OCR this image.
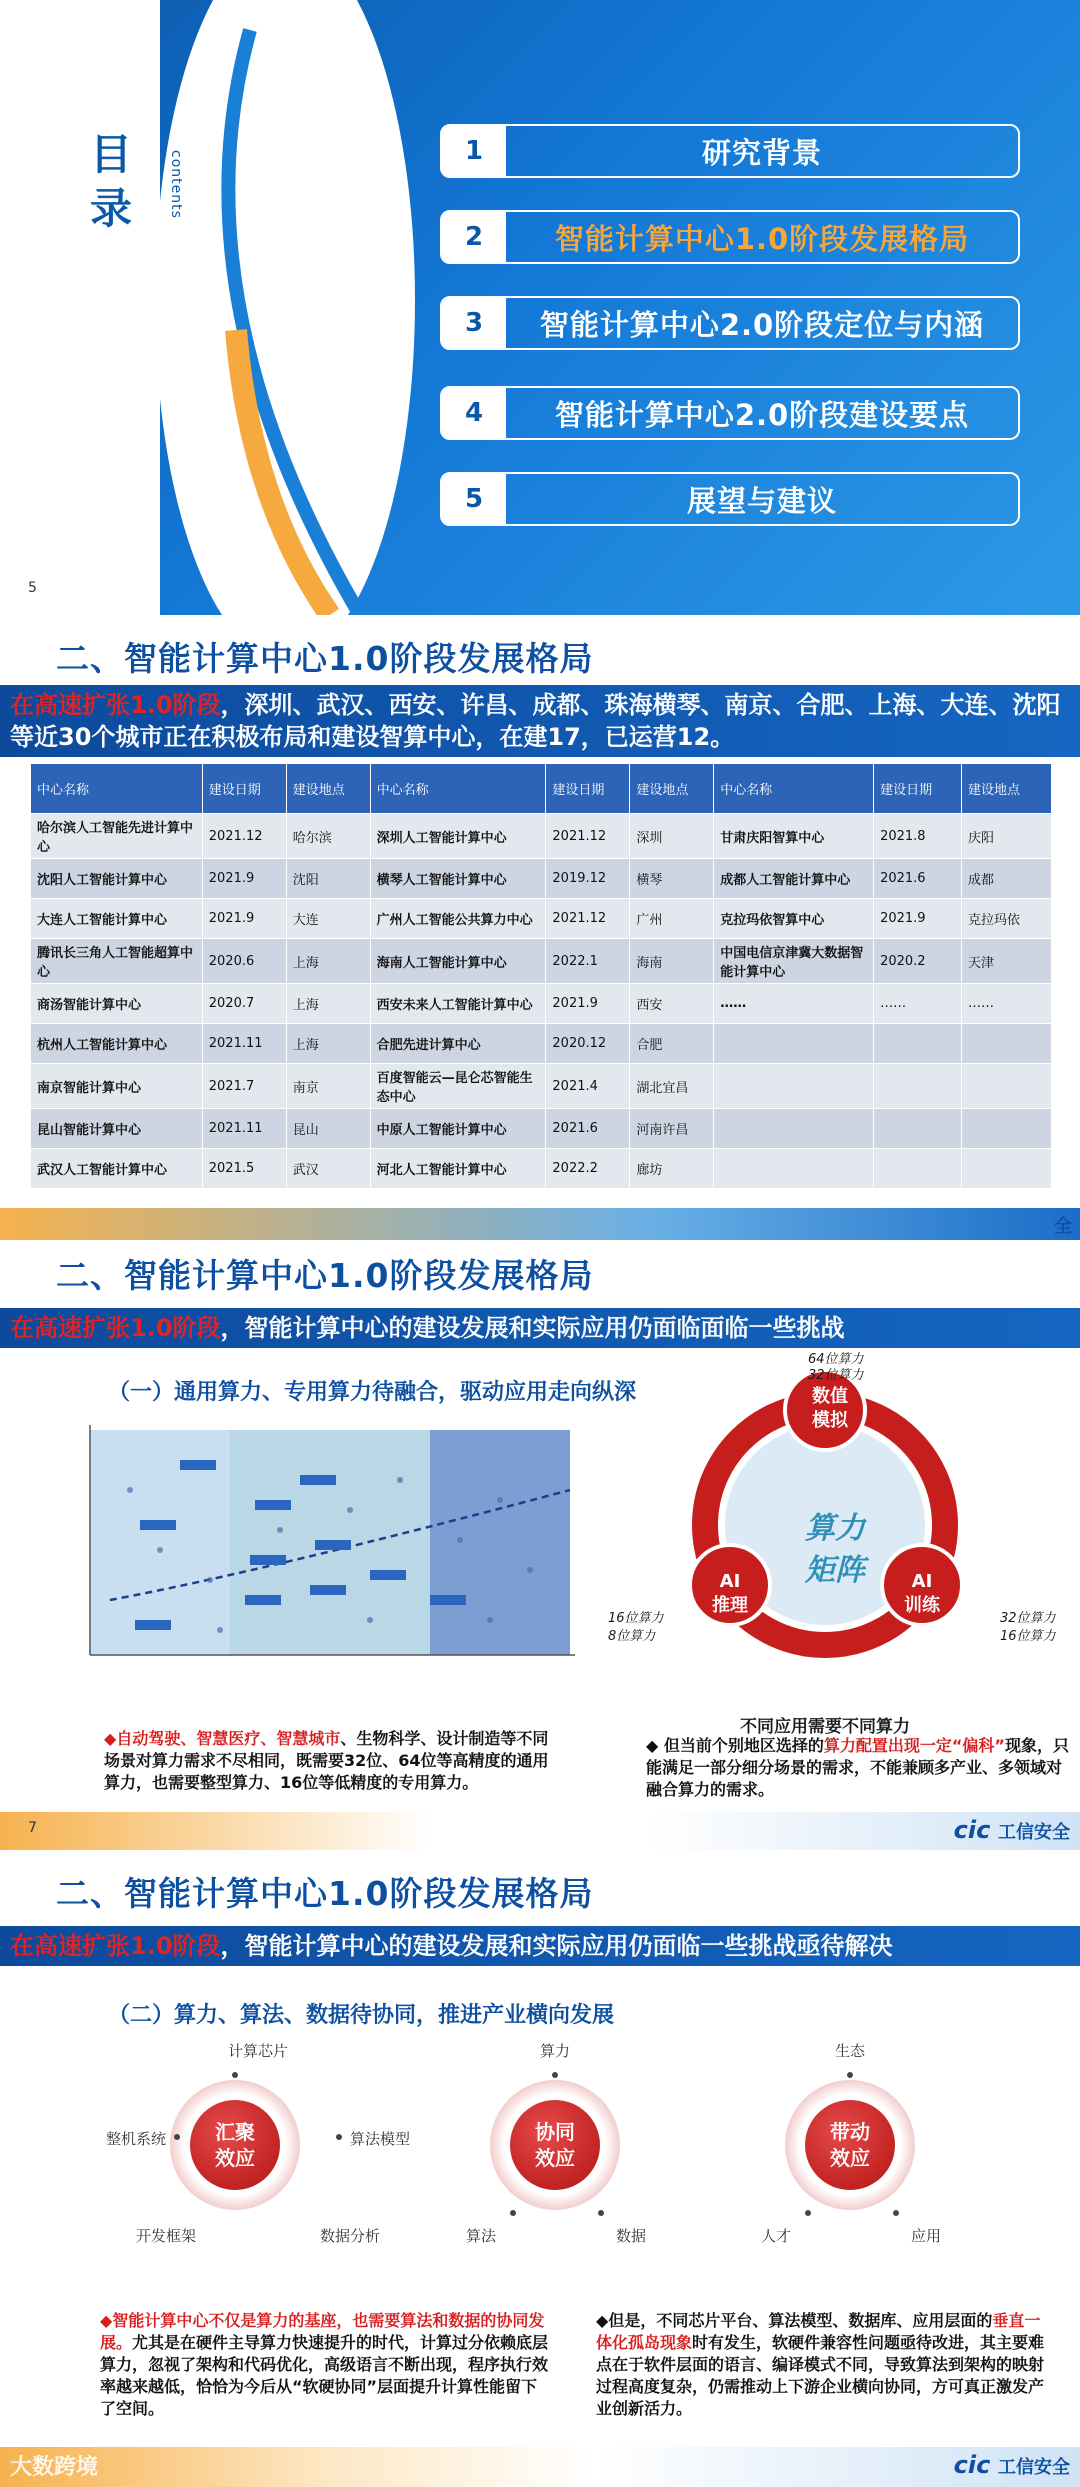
目录	contents	1	研究背景
2	智能计算中心1.0阶段发展格局
3	智能计算中心2.0阶段定位与内涵
4	智能计算中心2.0阶段建设要点
5	展望与建议
5
二、智能计算中心1.0阶段发展格局
在高速扩张1.0阶段，深圳、武汉、西安、许昌、成都、珠海横琴、南京、合肥、上海、大连、沈阳等近30个城市正在积极布局和建设智算中心，在建17，已运营12。
中心名称	建设日期	建设地点	中心名称	建设日期	建设地点	中心名称	建设日期	建设地点
哈尔滨人工智能先进计算中心	2021.12	哈尔滨	深圳人工智能计算中心	2021.12	深圳	甘肃庆阳智算中心	2021.8	庆阳
沈阳人工智能计算中心	2021.9	沈阳	横琴人工智能计算中心	2019.12	横琴	成都人工智能计算中心	2021.6	成都
大连人工智能计算中心	2021.9	大连	广州人工智能公共算力中心	2021.12	广州	克拉玛依智算中心	2021.9	克拉玛依
腾讯长三角人工智能超算中心	2020.6	上海	海南人工智能计算中心	2022.1	海南	中国电信京津冀大数据智能计算中心	2020.2	天津
商汤智能计算中心	2020.7	上海	西安未来人工智能计算中心	2021.9	西安	……	……	……
杭州人工智能计算中心	2021.11	上海	合肥先进计算中心	2020.12	合肥			
南京智能计算中心	2021.7	南京	百度智能云—昆仑芯智能生态中心	2021.4	湖北宜昌			
昆山智能计算中心	2021.11	昆山	中原人工智能计算中心	2021.6	河南许昌			
武汉人工智能计算中心	2021.5	武汉	河北人工智能计算中心	2022.2	廊坊			
全
二、智能计算中心1.0阶段发展格局
在高速扩张1.0阶段，智能计算中心的建设发展和实际应用仍面临面临一些挑战
（一）通用算力、专用算力待融合，驱动应用走向纵深
算力
矩阵
数值
模拟
AI
推理
AI
训练
64位算力
32位算力
16位算力
8位算力
32位算力
16位算力
不同应用需要不同算力
◆自动驾驶、智慧医疗、智慧城市、生物科学、设计制造等不同场景对算力需求不尽相同，既需要32位、64位等高精度的通用算力，也需要整型算力、16位等低精度的专用算力。
◆ 但当前个别地区选择的算力配置出现一定“偏科”现象，只能满足一部分细分场景的需求，不能兼顾多产业、多领域对融合算力的需求。
7	cic 工信安全
二、智能计算中心1.0阶段发展格局
在高速扩张1.0阶段，智能计算中心的建设发展和实际应用仍面临一些挑战亟待解决
（二）算力、算法、数据待协同，推进产业横向发展
汇聚
效应
计算芯片
整机系统	算法模型
开发框架	数据分析
协同
效应
算力
算法	数据
带动
效应
生态
人才	应用
◆智能计算中心不仅是算力的基座，也需要算法和数据的协同发展。尤其是在硬件主导算力快速提升的时代，计算过分依赖底层算力，忽视了架构和代码优化，高级语言不断出现，程序执行效率越来越低，恰恰为今后从“软硬协同”层面提升计算性能留下了空间。
◆但是，不同芯片平台、算法模型、数据库、应用层面的垂直一体化孤岛现象时有发生，软硬件兼容性问题亟待改进，其主要难点在于软件层面的语言、编译模式不同，导致算法到架构的映射过程高度复杂，仍需推动上下游企业横向协同，方可真正激发产业创新活力。
大数跨境	cic 工信安全
